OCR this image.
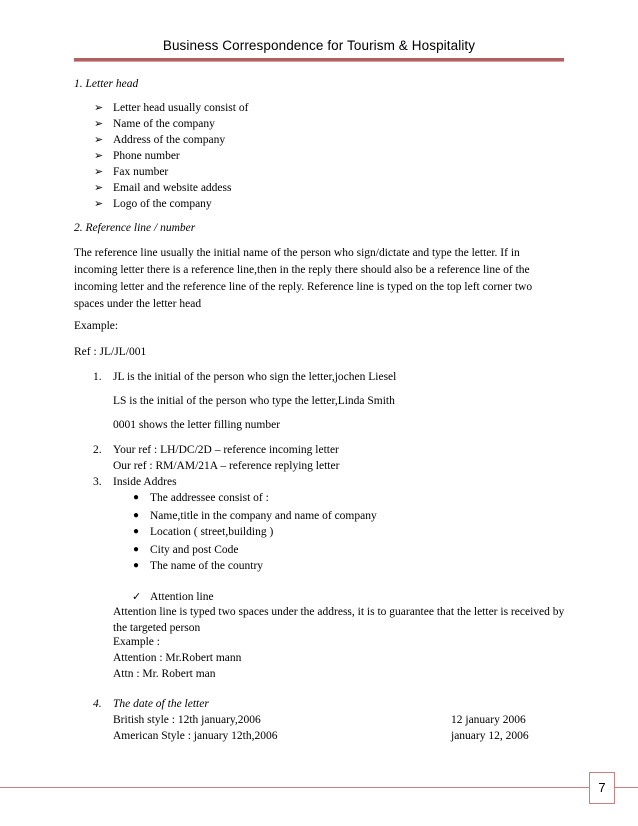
Business Correspondence for Tourism & Hospitality
1. Letter head
➢ Letter head usually consist of
➢ Name of the company
➢ Address of the company
➢ Phone number
➢ Fax number
➢ Email and website addess
➢ Logo of the company
2. Reference line / number
The reference line usually the initial name of the person who sign/dictate and type the letter. If in incoming letter there is a reference line,then in the reply there should also be a reference line of the incoming letter and the reference line of the reply. Reference line is typed on the top left corner two spaces under the letter head
Example:
Ref : JL/JL/001
1. JL is the initial of the person who sign the letter,jochen Liesel
LS is the initial of the person who type the letter,Linda Smith
0001 shows the letter filling number
2. Your ref : LH/DC/2D – reference incoming letter
Our ref : RM/AM/21A – reference replying letter
3. Inside Addres
● The addressee consist of :
● Name,title in the company and name of company
● Location ( street,building )
● City and post Code
● The name of the country
✓ Attention line
Attention line is typed two spaces under the address, it is to guarantee that the letter is received by the targeted person
Example :
Attention : Mr.Robert mann
Attn : Mr. Robert man
4. The date of the letter
British style : 12th january,2006	12 january 2006
American Style : january 12th,2006	january 12, 2006
7
